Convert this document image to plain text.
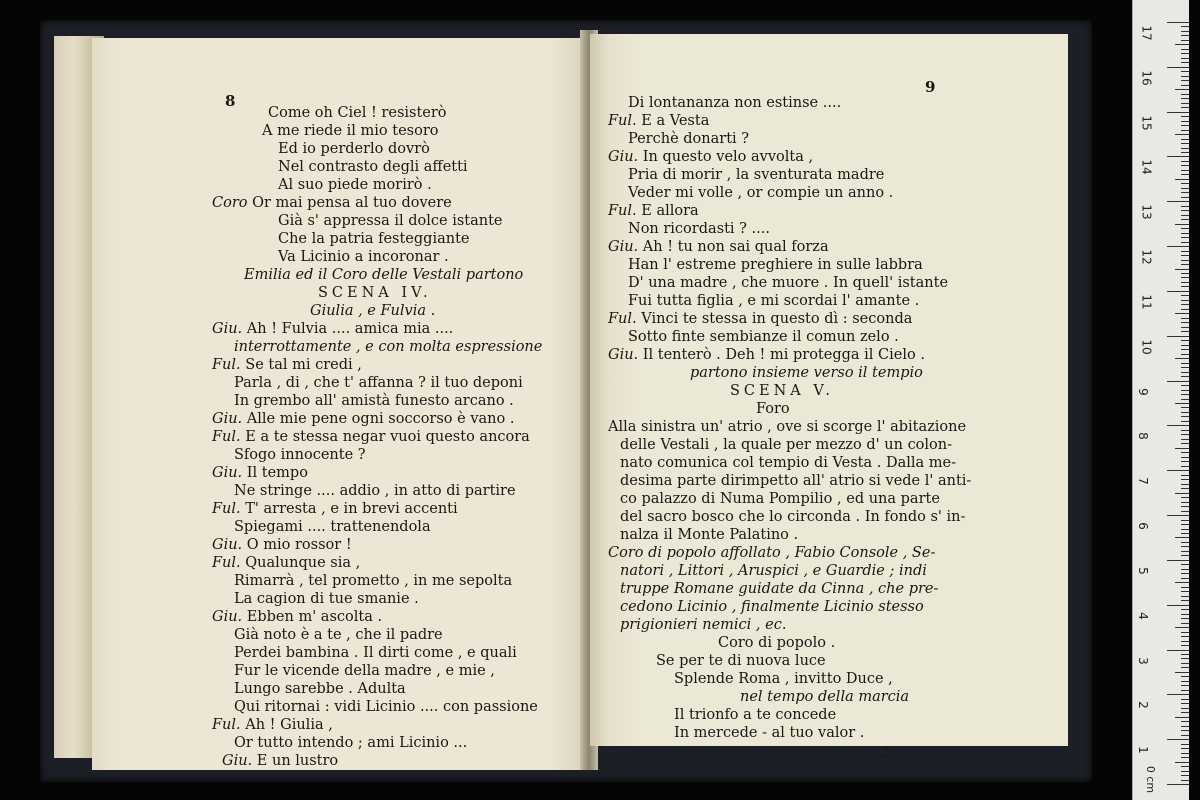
8
Come oh Ciel ! resisterò
A me riede il mio tesoro
Ed io perderlo dovrò
Nel contrasto degli affetti
Al suo piede morirò .
Coro Or mai pensa al tuo dovere
Già s' appressa il dolce istante
Che la patria festeggiante
Va Licinio a incoronar .
Emilia ed il Coro delle Vestali partono
SCENA IV.
Giulia , e Fulvia .
Giu. Ah ! Fulvia .... amica mia ....
interrottamente , e con molta espressione
Ful. Se tal mi credi ,
Parla , di , che t' affanna ? il tuo deponi
In grembo all' amistà funesto arcano .
Giu. Alle mie pene ogni soccorso è vano .
Ful. E a te stessa negar vuoi questo ancora
Sfogo innocente ?
Giu. Il tempo
Ne stringe .... addio , in atto di partire
Ful. T' arresta , e in brevi accenti
Spiegami .... trattenendola
Giu. O mio rossor !
Ful. Qualunque sia ,
Rimarrà , tel prometto , in me sepolta
La cagion di tue smanie .
Giu. Ebben m' ascolta .
Già noto è a te , che il padre
Perdei bambina . Il dirti come , e quali
Fur le vicende della madre , e mie ,
Lungo sarebbe . Adulta
Qui ritornai : vidi Licinio .... con passione
Ful. Ah ! Giulia ,
Or tutto intendo ; ami Licinio ...
Giu. E un lustro
9
Di lontananza non estinse ....
Ful. E a Vesta
Perchè donarti ?
Giu. In questo velo avvolta ,
Pria di morir , la sventurata madre
Veder mi volle , or compie un anno .
Ful. E allora
Non ricordasti ? ....
Giu. Ah ! tu non sai qual forza
Han l' estreme preghiere in sulle labbra
D' una madre , che muore . In quell' istante
Fui tutta figlia , e mi scordai l' amante .
Ful. Vinci te stessa in questo dì : seconda
Sotto finte sembianze il comun zelo .
Giu. Il tenterò . Deh ! mi protegga il Cielo .
partono insieme verso il tempio
SCENA V.
Foro
Alla sinistra un' atrio , ove si scorge l' abitazione
delle Vestali , la quale per mezzo d' un colon-
nato comunica col tempio di Vesta . Dalla me-
desima parte dirimpetto all' atrio si vede l' anti-
co palazzo di Numa Pompilio , ed una parte
del sacro bosco che lo circonda . In fondo s' in-
nalza il Monte Palatino .
Coro di popolo affollato , Fabio Console , Se-
natori , Littori , Aruspici , e Guardie ; indi
truppe Romane guidate da Cinna , che pre-
cedono Licinio , finalmente Licinio stesso
prigionieri nemici , ec.
Coro di popolo .
Se per te di nuova luce
Splende Roma , invitto Duce ,
nel tempo della marcia
Il trionfo a te concede
In mercede - al tuo valor .
2
17
16
15
14
13
12
11
10
9
8
7
6
5
4
3
2
1
0 cm
